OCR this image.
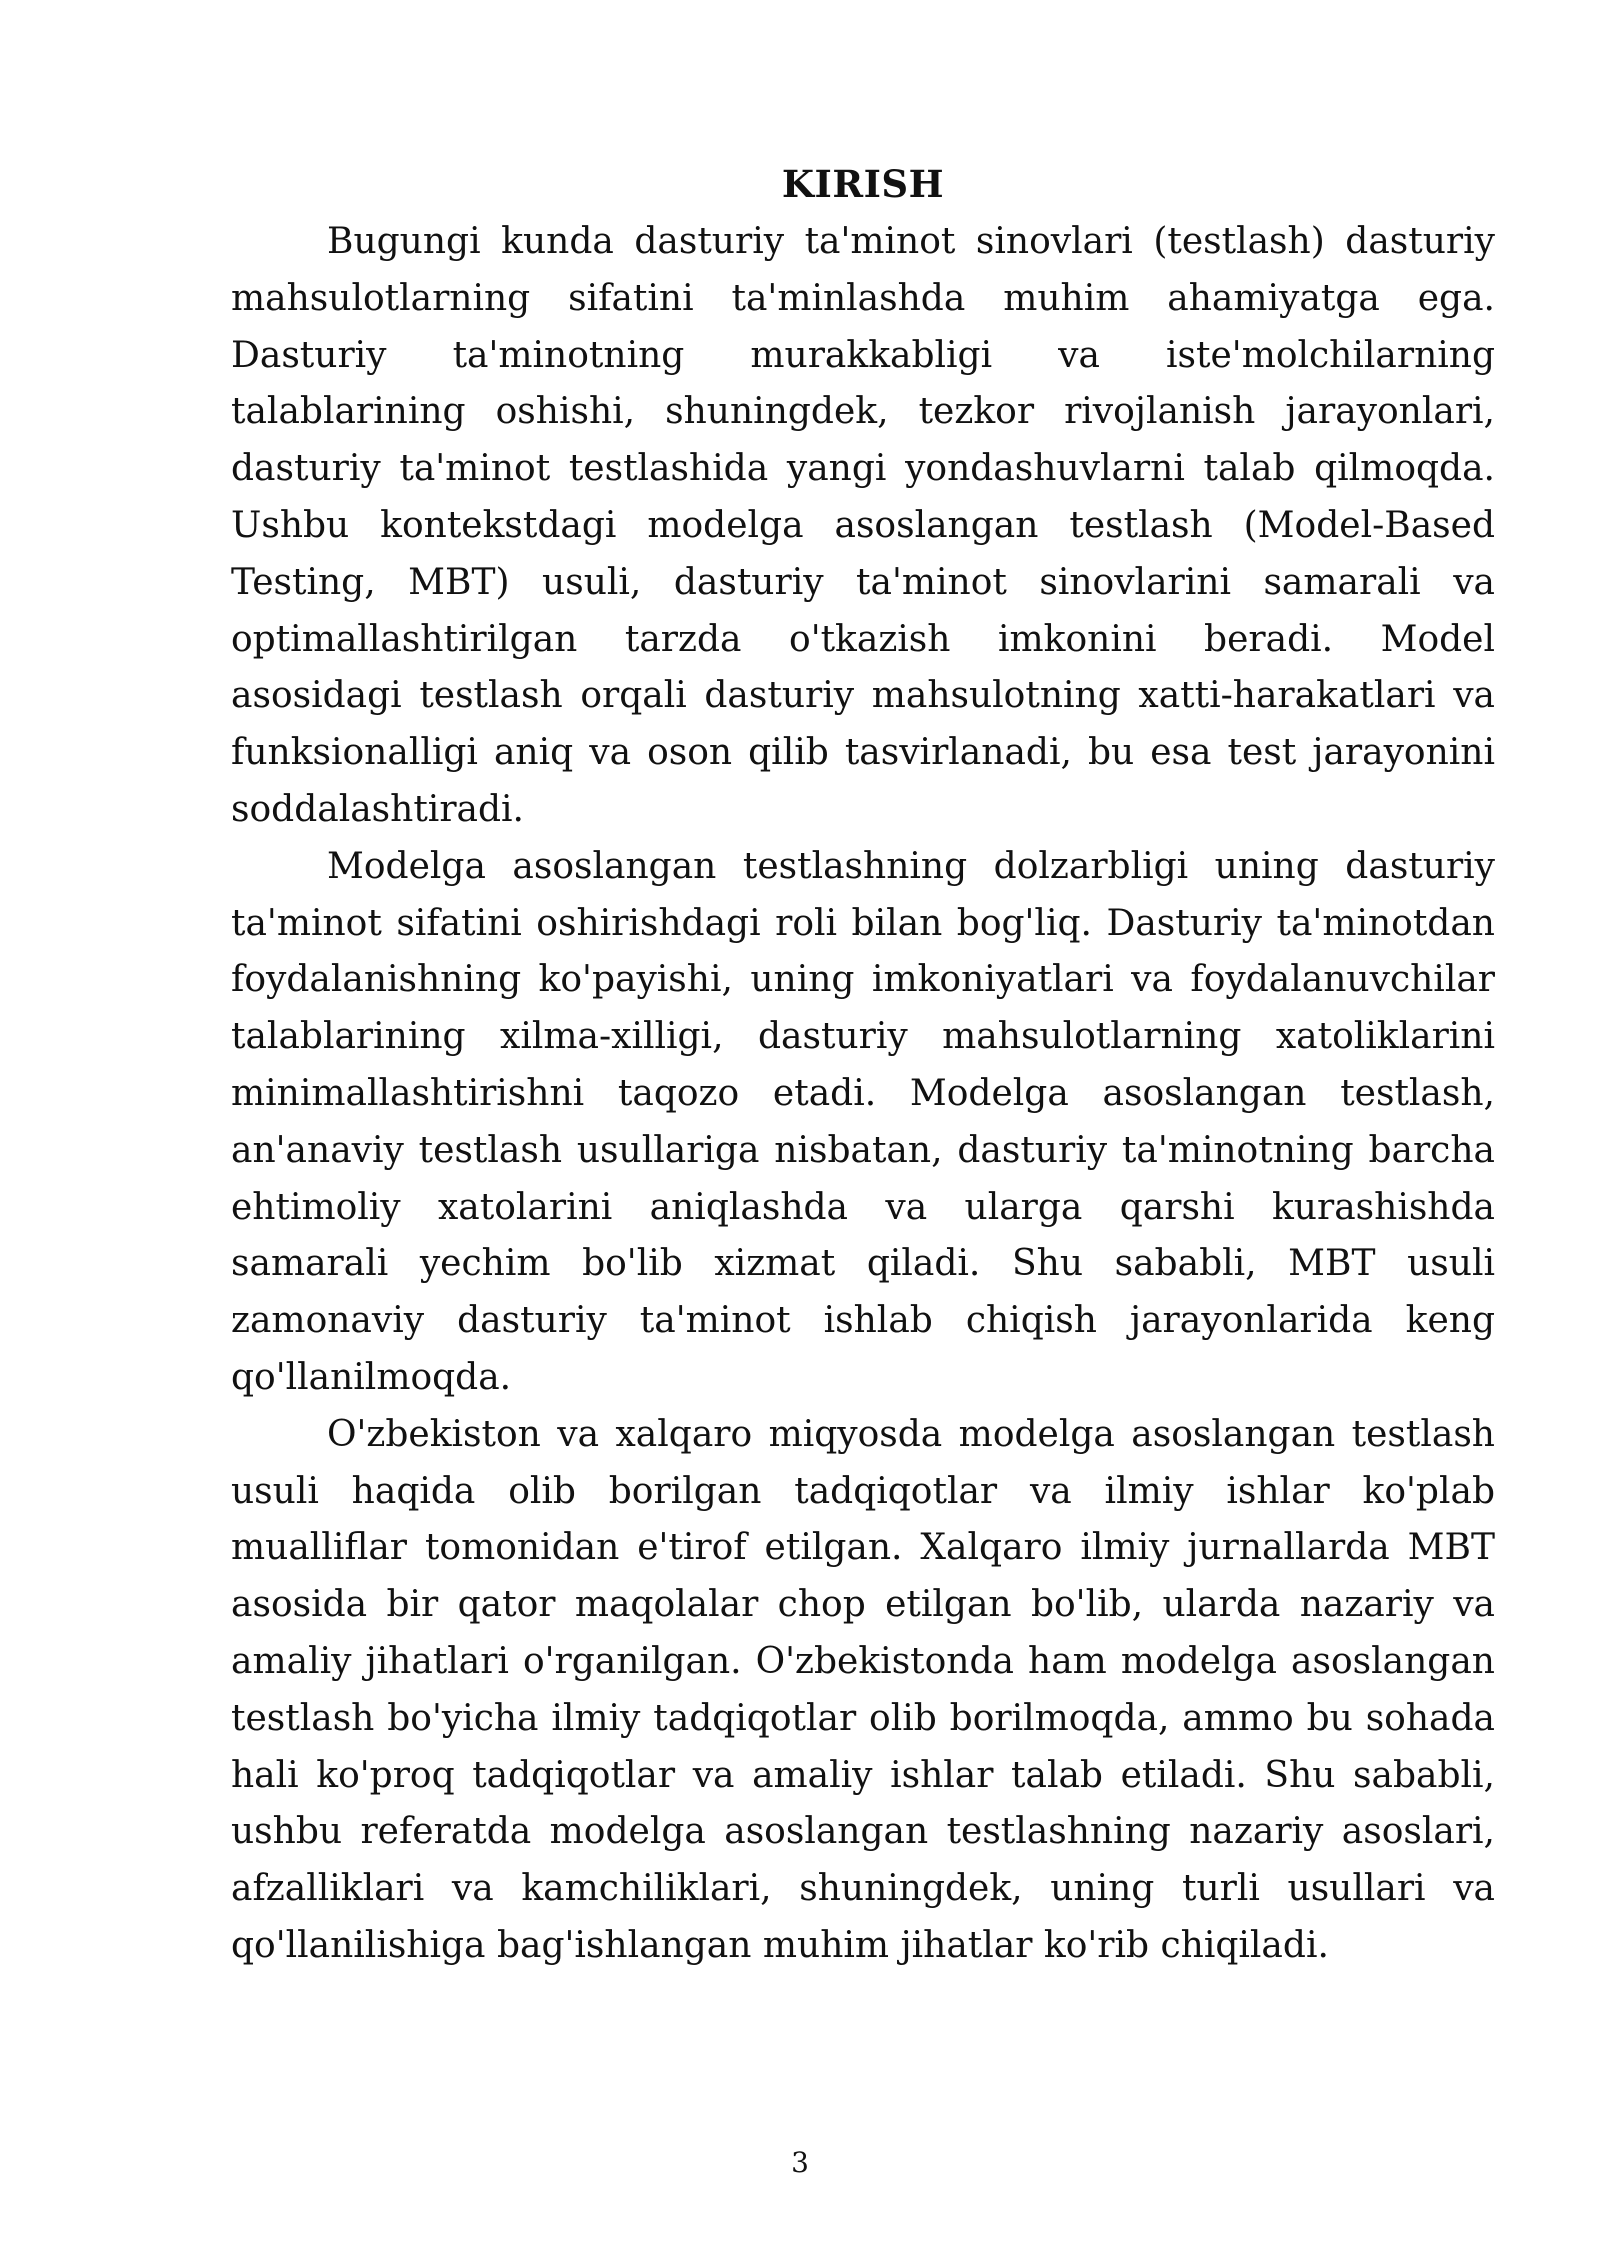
KIRISH

Bugungi kunda dasturiy ta'minot sinovlari (testlash) dasturiy mahsulotlarning sifatini ta'minlashda muhim ahamiyatga ega. Dasturiy ta'minotning murakkabligi va iste'molchilarning talablarining oshishi, shuningdek, tezkor rivojlanish jarayonlari, dasturiy ta'minot testlashida yangi yondashuvlarni talab qilmoqda. Ushbu kontekstdagi modelga asoslangan testlash (Model-Based Testing, MBT) usuli, dasturiy ta'minot sinovlarini samarali va optimallashtirilgan tarzda o'tkazish imkonini beradi. Model asosidagi testlash orqali dasturiy mahsulotning xatti-harakatlari va funksionalligi aniq va oson qilib tasvirlanadi, bu esa test jarayonini soddalashtiradi.

Modelga asoslangan testlashning dolzarbligi uning dasturiy ta'minot sifatini oshirishdagi roli bilan bog'liq. Dasturiy ta'minotdan foydalanishning ko'payishi, uning imkoniyatlari va foydalanuvchilar talablarining xilma-xilligi, dasturiy mahsulotlarning xatoliklarini minimallashtirishni taqozo etadi. Modelga asoslangan testlash, an'anaviy testlash usullariga nisbatan, dasturiy ta'minotning barcha ehtimoliy xatolarini aniqlashda va ularga qarshi kurashishda samarali yechim bo'lib xizmat qiladi. Shu sababli, MBT usuli zamonaviy dasturiy ta'minot ishlab chiqish jarayonlarida keng qo'llanilmoqda.

O'zbekiston va xalqaro miqyosda modelga asoslangan testlash usuli haqida olib borilgan tadqiqotlar va ilmiy ishlar ko'plab mualliflar tomonidan e'tirof etilgan. Xalqaro ilmiy jurnallarda MBT asosida bir qator maqolalar chop etilgan bo'lib, ularda nazariy va amaliy jihatlari o'rganilgan. O'zbekistonda ham modelga asoslangan testlash bo'yicha ilmiy tadqiqotlar olib borilmoqda, ammo bu sohada hali ko'proq tadqiqotlar va amaliy ishlar talab etiladi. Shu sababli, ushbu referatda modelga asoslangan testlashning nazariy asoslari, afzalliklari va kamchiliklari, shuningdek, uning turli usullari va qo'llanilishiga bag'ishlangan muhim jihatlar ko'rib chiqiladi.

3
